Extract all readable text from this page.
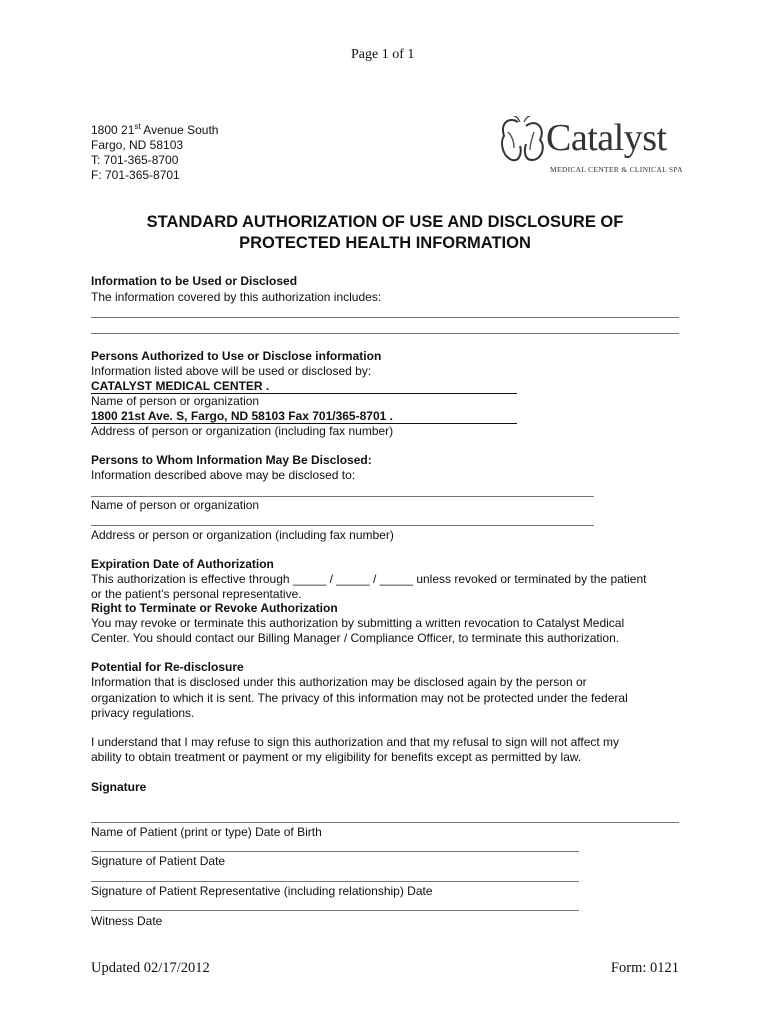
Page 1 of 1
1800 21st Avenue South
Fargo, ND 58103
T: 701-365-8700
F: 701-365-8701
Catalyst
MEDICAL CENTER & CLINICAL SPA
STANDARD AUTHORIZATION OF USE AND DISCLOSURE OF
PROTECTED HEALTH INFORMATION
Information to be Used or Disclosed
The information covered by this authorization includes:
Persons Authorized to Use or Disclose information
Information listed above will be used or disclosed by:
CATALYST MEDICAL CENTER .
Name of person or organization
1800 21st Ave. S, Fargo, ND 58103 Fax 701/365-8701 .
Address of person or organization (including fax number)
Persons to Whom Information May Be Disclosed:
Information described above may be disclosed to:
Name of person or organization
Address or person or organization (including fax number)
Expiration Date of Authorization
This authorization is effective through _____ / _____ / _____ unless revoked or terminated by the patient
or the patient’s personal representative.
Right to Terminate or Revoke Authorization
You may revoke or terminate this authorization by submitting a written revocation to Catalyst Medical
Center. You should contact our Billing Manager / Compliance Officer, to terminate this authorization.
Potential for Re-disclosure
Information that is disclosed under this authorization may be disclosed again by the person or
organization to which it is sent. The privacy of this information may not be protected under the federal
privacy regulations.
I understand that I may refuse to sign this authorization and that my refusal to sign will not affect my
ability to obtain treatment or payment or my eligibility for benefits except as permitted by law.
Signature
Name of Patient (print or type) Date of Birth
Signature of Patient Date
Signature of Patient Representative (including relationship) Date
Witness Date
Updated 02/17/2012	Form: 0121
